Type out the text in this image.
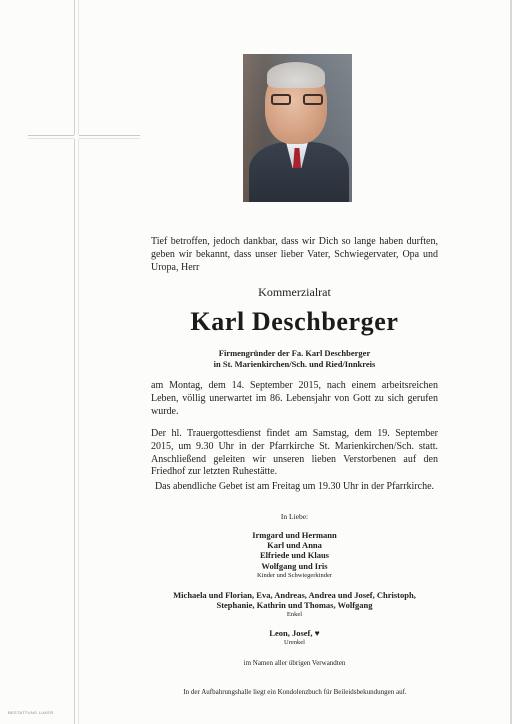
Tief betroffen, jedoch dankbar, dass wir Dich so lange haben durften, geben wir bekannt, dass unser lieber Vater, Schwiegervater, Opa und Uropa, Herr
Kommerzialrat
Karl Deschberger
Firmengründer der Fa. Karl Deschberger
in St. Marienkirchen/Sch. und Ried/Innkreis
am Montag, dem 14. September 2015, nach einem arbeitsreichen Leben, völlig unerwartet im 86. Lebensjahr von Gott zu sich gerufen wurde.
Der hl. Trauergottesdienst findet am Samstag, dem 19. September 2015, um 9.30 Uhr in der Pfarrkirche St. Marienkirchen/Sch. statt. Anschließend geleiten wir unseren lieben Verstorbenen auf den Friedhof zur letzten Ruhestätte.
Das abendliche Gebet ist am Freitag um 19.30 Uhr in der Pfarrkirche.
In Liebe:
Irmgard und Hermann
Karl und Anna
Elfriede und Klaus
Wolfgang und Iris
Kinder und Schwiegerkinder
Michaela und Florian, Eva, Andreas, Andrea und Josef, Christoph,
Stephanie, Kathrin und Thomas, Wolfgang
Enkel
Leon, Josef, ♥
Urenkel
im Namen aller übrigen Verwandten
In der Aufbahrungshalle liegt ein Kondolenzbuch für Beileidsbekundungen auf.
BESTATTUNG LUKER
